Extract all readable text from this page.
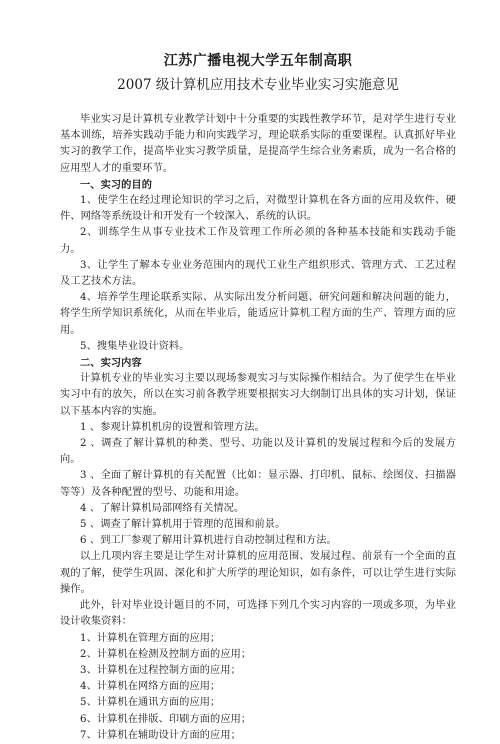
江苏广播电视大学五年制高职

2007 级计算机应用技术专业毕业实习实施意见

毕业实习是计算机专业教学计划中十分重要的实践性教学环节，是对学生进行专业基本训练，培养实践动手能力和向实践学习，理论联系实际的重要课程。认真抓好毕业实习的教学工作，提高毕业实习教学质量，是提高学生综合业务素质，成为一名合格的应用型人才的重要环节。

一、实习的目的

1、使学生在经过理论知识的学习之后，对微型计算机在各方面的应用及软件、硬件、网络等系统设计和开发有一个较深入、系统的认识。

2、训练学生从事专业技术工作及管理工作所必须的各种基本技能和实践动手能力。

3、让学生了解本专业业务范围内的现代工业生产组织形式、管理方式、工艺过程及工艺技术方法。

4、培养学生理论联系实际、从实际出发分析问题、研究问题和解决问题的能力，将学生所学知识系统化，从而在毕业后，能适应计算机工程方面的生产、管理方面的应用。

5、搜集毕业设计资料。

二、实习内容

计算机专业的毕业实习主要以现场参观实习与实际操作相结合。为了使学生在毕业实习中有的放矢，所以在实习前各教学班要根据实习大纲制订出具体的实习计划，保证以下基本内容的实施。

1 、参观计算机机房的设置和管理方法。

2 、调查了解计算机的种类、型号、功能以及计算机的发展过程和今后的发展方向。

3 、全面了解计算机的有关配置（比如：显示器、打印机、鼠标、绘图仪、扫描器等等）及各种配置的型号、功能和用途。

4 、了解计算机局部网络有关情况。

5 、调查了解计算机用于管理的范围和前景。

6 、到工厂参观了解用计算机进行自动控制过程和方法。

以上几项内容主要是让学生对计算机的应用范围、发展过程、前景有一个全面的直观的了解，使学生巩固、深化和扩大所学的理论知识，如有条件，可以让学生进行实际操作。

此外，针对毕业设计题目的不同，可选择下列几个实习内容的一项或多项，为毕业设计收集资料：

1、计算机在管理方面的应用；

2、计算机在检测及控制方面的应用；

3、计算机在过程控制方面的应用；

4、计算机在网络方面的应用；

5、计算机在通讯方面的应用；

6、计算机在排版、印刷方面的应用；

7、计算机在辅助设计方面的应用；
